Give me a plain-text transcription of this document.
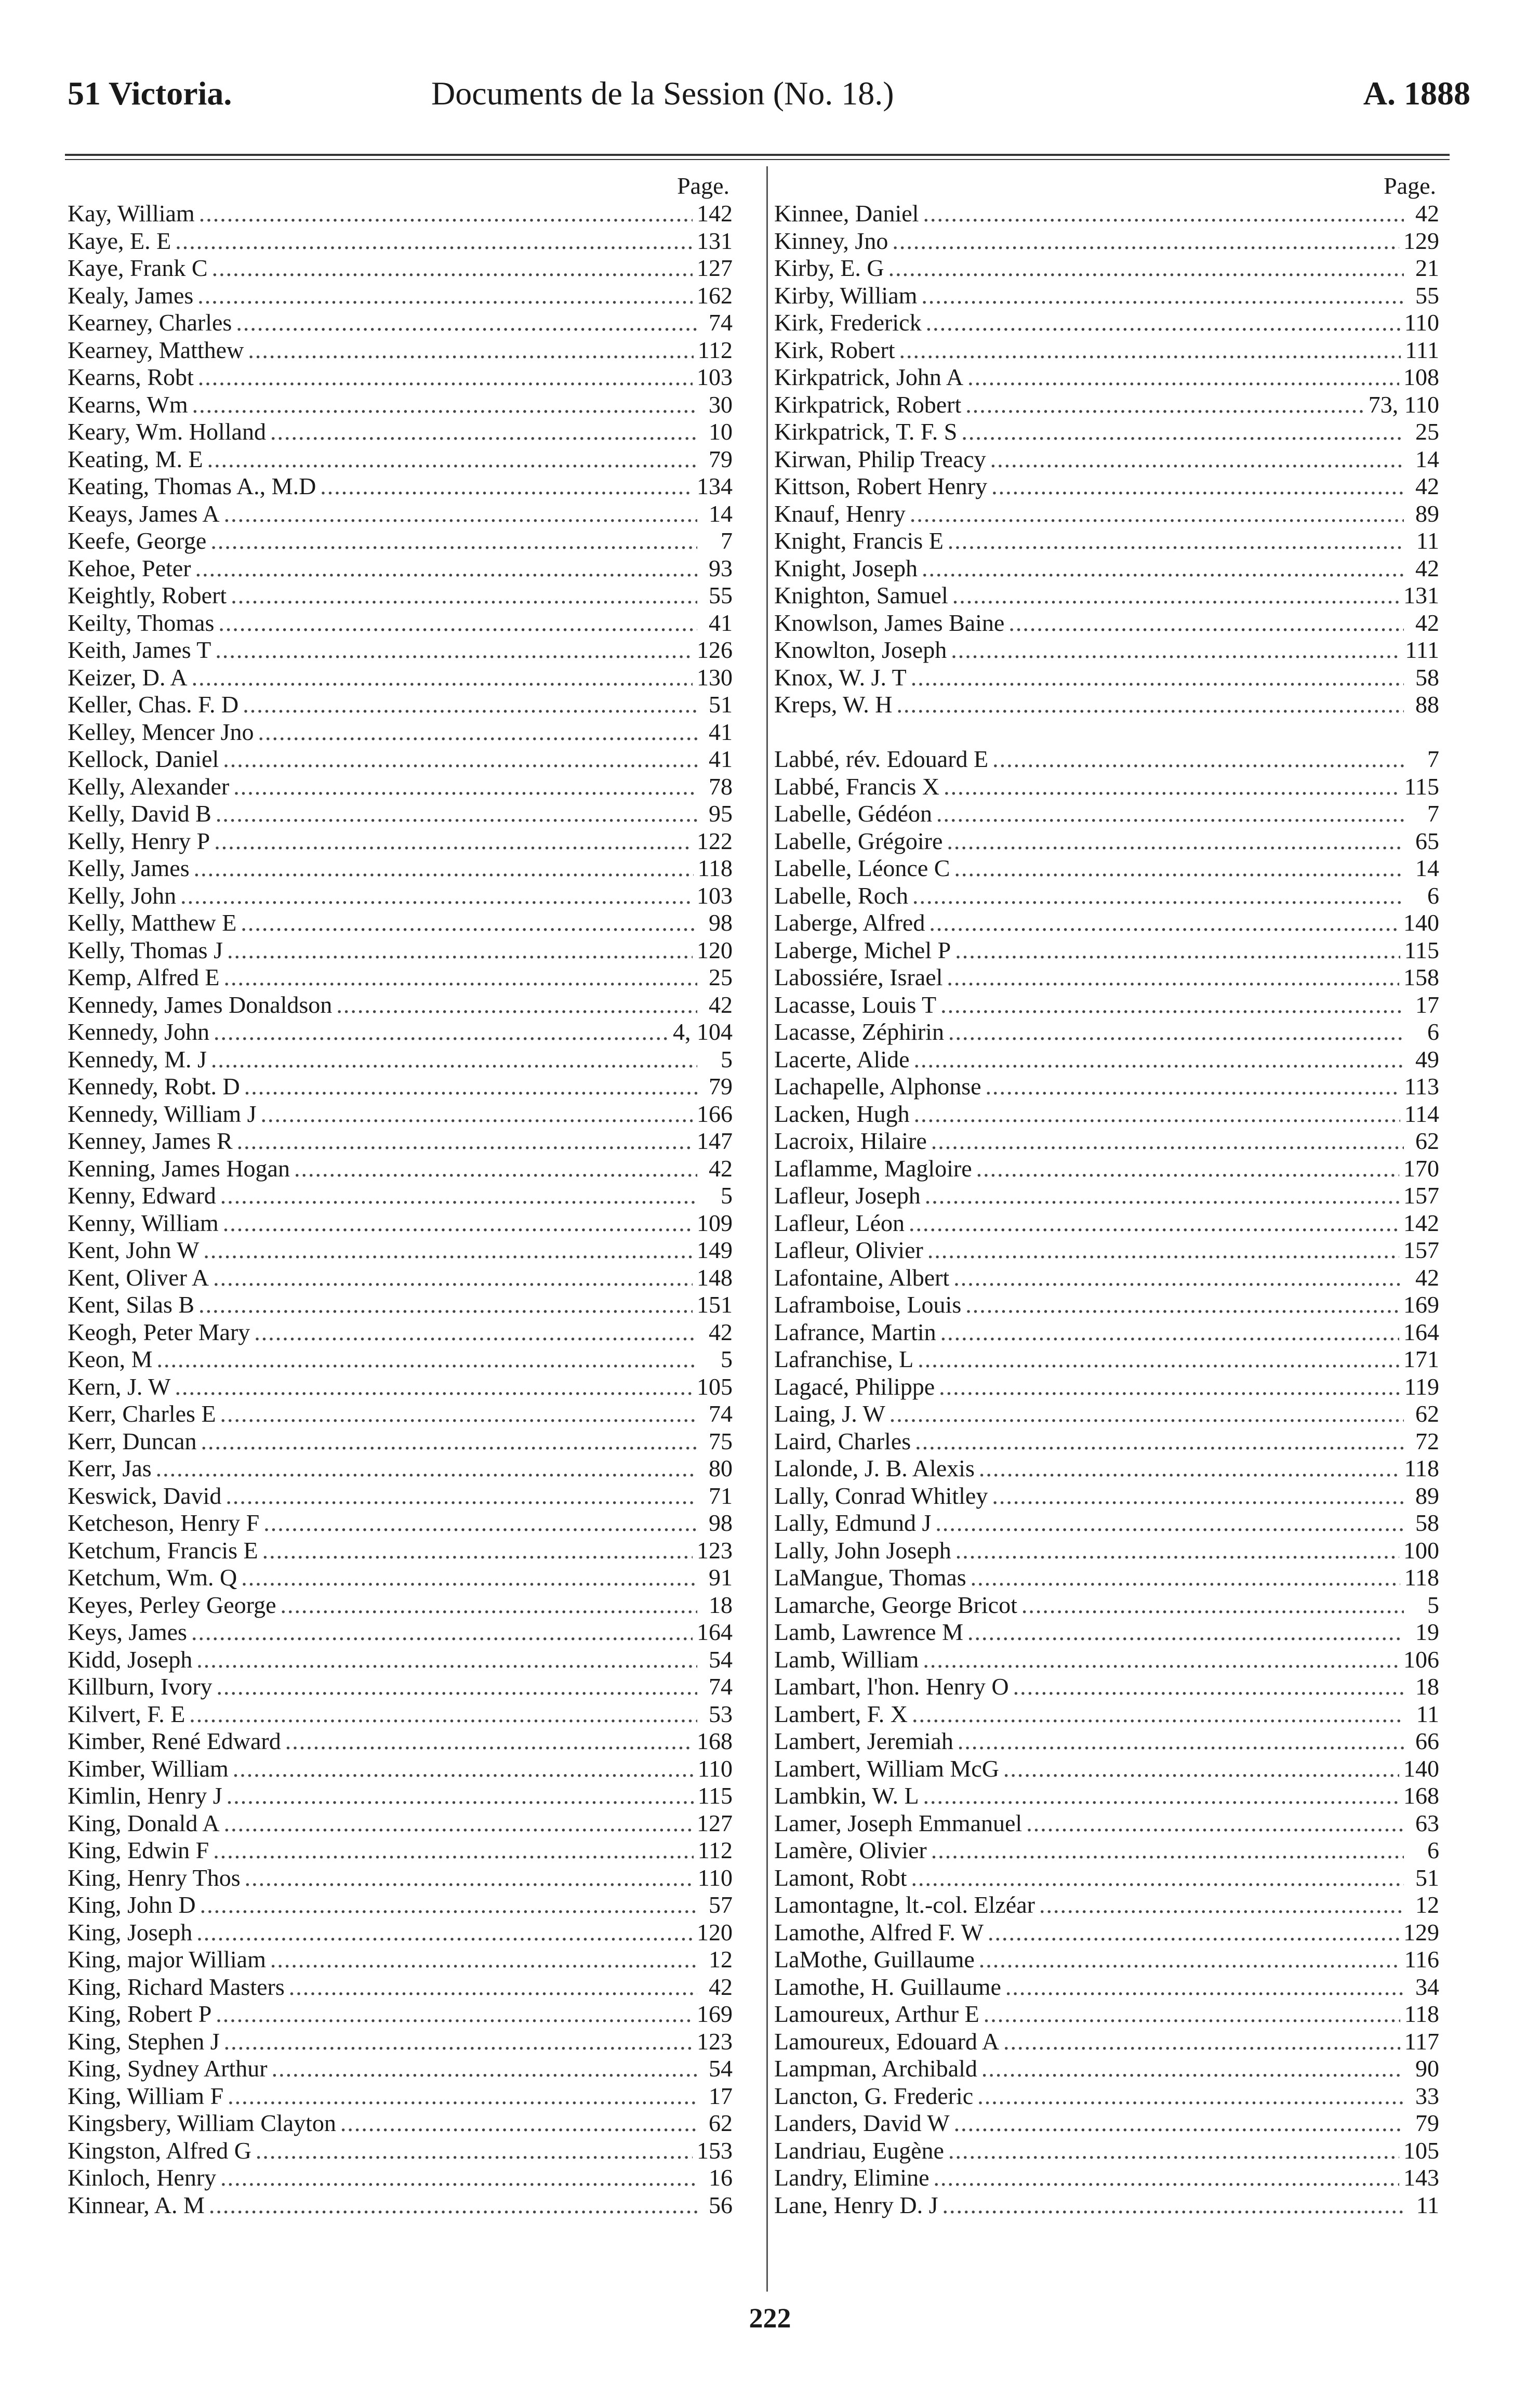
51 Victoria.	Documents de la Session (No. 18.)	A. 1888
Page.
Kay, William .....	142
Kaye, E. E .....	131
Kaye, Frank C .....	127
Kealy, James .....	162
Kearney, Charles .....	74
Kearney, Matthew .....	112
Kearns, Robt .....	103
Kearns, Wm .....	30
Keary, Wm. Holland .....	10
Keating, M. E .....	79
Keating, Thomas A., M.D .....	134
Keays, James A .....	14
Keefe, George .....	7
Kehoe, Peter .....	93
Keightly, Robert .....	55
Keilty, Thomas .....	41
Keith, James T .....	126
Keizer, D. A .....	130
Keller, Chas. F. D .....	51
Kelley, Mencer Jno .....	41
Kellock, Daniel .....	41
Kelly, Alexander .....	78
Kelly, David B .....	95
Kelly, Henry P .....	122
Kelly, James .....	118
Kelly, John .....	103
Kelly, Matthew E .....	98
Kelly, Thomas J .....	120
Kemp, Alfred E .....	25
Kennedy, James Donaldson .....	42
Kennedy, John .....	4, 104
Kennedy, M. J .....	5
Kennedy, Robt. D .....	79
Kennedy, William J .....	166
Kenney, James R .....	147
Kenning, James Hogan .....	42
Kenny, Edward .....	5
Kenny, William .....	109
Kent, John W .....	149
Kent, Oliver A .....	148
Kent, Silas B .....	151
Keogh, Peter Mary .....	42
Keon, M .....	5
Kern, J. W .....	105
Kerr, Charles E .....	74
Kerr, Duncan .....	75
Kerr, Jas .....	80
Keswick, David .....	71
Ketcheson, Henry F .....	98
Ketchum, Francis E .....	123
Ketchum, Wm. Q .....	91
Keyes, Perley George .....	18
Keys, James .....	164
Kidd, Joseph .....	54
Killburn, Ivory .....	74
Kilvert, F. E .....	53
Kimber, René Edward .....	168
Kimber, William .....	110
Kimlin, Henry J .....	115
King, Donald A .....	127
King, Edwin F .....	112
King, Henry Thos .....	110
King, John D .....	57
King, Joseph .....	120
King, major William .....	12
King, Richard Masters .....	42
King, Robert P .....	169
King, Stephen J .....	123
King, Sydney Arthur .....	54
King, William F .....	17
Kingsbery, William Clayton .....	62
Kingston, Alfred G .....	153
Kinloch, Henry .....	16
Kinnear, A. M .....	56
Page.
Kinnee, Daniel .....	42
Kinney, Jno .....	129
Kirby, E. G .....	21
Kirby, William .....	55
Kirk, Frederick .....	110
Kirk, Robert .....	111
Kirkpatrick, John A .....	108
Kirkpatrick, Robert .....	73, 110
Kirkpatrick, T. F. S .....	25
Kirwan, Philip Treacy .....	14
Kittson, Robert Henry .....	42
Knauf, Henry .....	89
Knight, Francis E .....	11
Knight, Joseph .....	42
Knighton, Samuel .....	131
Knowlson, James Baine .....	42
Knowlton, Joseph .....	111
Knox, W. J. T .....	58
Kreps, W. H .....	88
Labbé, rév. Edouard E .....	7
Labbé, Francis X .....	115
Labelle, Gédéon .....	7
Labelle, Grégoire .....	65
Labelle, Léonce C .....	14
Labelle, Roch .....	6
Laberge, Alfred .....	140
Laberge, Michel P .....	115
Labossiére, Israel .....	158
Lacasse, Louis T .....	17
Lacasse, Zéphirin .....	6
Lacerte, Alide .....	49
Lachapelle, Alphonse .....	113
Lacken, Hugh .....	114
Lacroix, Hilaire .....	62
Laflamme, Magloire .....	170
Lafleur, Joseph .....	157
Lafleur, Léon .....	142
Lafleur, Olivier .....	157
Lafontaine, Albert .....	42
Laframboise, Louis .....	169
Lafrance, Martin .....	164
Lafranchise, L .....	171
Lagacé, Philippe .....	119
Laing, J. W .....	62
Laird, Charles .....	72
Lalonde, J. B. Alexis .....	118
Lally, Conrad Whitley .....	89
Lally, Edmund J .....	58
Lally, John Joseph .....	100
LaMangue, Thomas .....	118
Lamarche, George Bricot .....	5
Lamb, Lawrence M .....	19
Lamb, William .....	106
Lambart, l'hon. Henry O .....	18
Lambert, F. X .....	11
Lambert, Jeremiah .....	66
Lambert, William McG .....	140
Lambkin, W. L .....	168
Lamer, Joseph Emmanuel .....	63
Lamère, Olivier .....	6
Lamont, Robt .....	51
Lamontagne, lt.-col. Elzéar .....	12
Lamothe, Alfred F. W .....	129
LaMothe, Guillaume .....	116
Lamothe, H. Guillaume .....	34
Lamoureux, Arthur E .....	118
Lamoureux, Edouard A .....	117
Lampman, Archibald .....	90
Lancton, G. Frederic .....	33
Landers, David W .....	79
Landriau, Eugène .....	105
Landry, Elimine .....	143
Lane, Henry D. J .....	11
222
